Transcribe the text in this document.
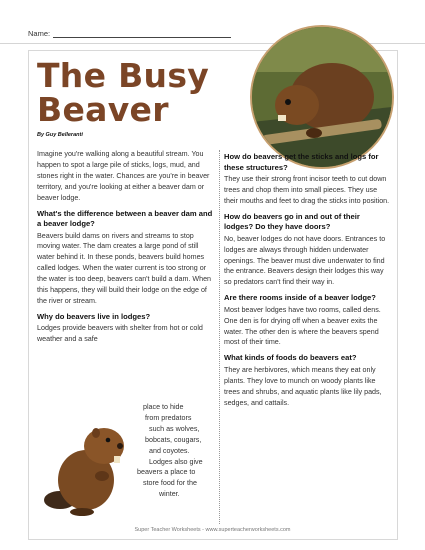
Name:
The Busy
Beaver
By Guy Belleranti

Imagine you're walking along a beautiful stream. You happen to spot a large pile of sticks, logs, mud, and stones right in the water. Chances are you're in beaver territory, and you're looking at either a beaver dam or beaver lodge.

What's the difference between a beaver dam and a beaver lodge?

Beavers build dams on rivers and streams to stop moving water. The dam creates a large pond of still water behind it. In these ponds, beavers build homes called lodges. When the water current is too strong or the water is too deep, beavers can't build a dam. When this happens, they will build their lodge on the edge of the river or stream.

Why do beavers live in lodges?

Lodges provide beavers with shelter from hot or cold weather and a safe

place to hide
from predators
such as wolves,
bobcats, cougars,
and coyotes.
Lodges also give
beavers a place to
store food for the
winter.
How do beavers get the sticks and logs for these structures?

They use their strong front incisor teeth to cut down trees and chop them into small pieces. They use their mouths and feet to drag the sticks into position.

How do beavers go in and out of their lodges? Do they have doors?

No, beaver lodges do not have doors. Entrances to lodges are always through hidden underwater openings. The beaver must dive underwater to find the entrance. Beavers design their lodges this way so predators can't find their way in.

Are there rooms inside of a beaver lodge?

Most beaver lodges have two rooms, called dens. One den is for drying off when a beaver exits the water. The other den is where the beavers spend most of their time.

What kinds of foods do beavers eat?

They are herbivores, which means they eat only plants. They love to munch on woody plants like trees and shrubs, and aquatic plants like lily pads, sedges, and cattails.

Super Teacher Worksheets - www.superteacherworksheets.com
